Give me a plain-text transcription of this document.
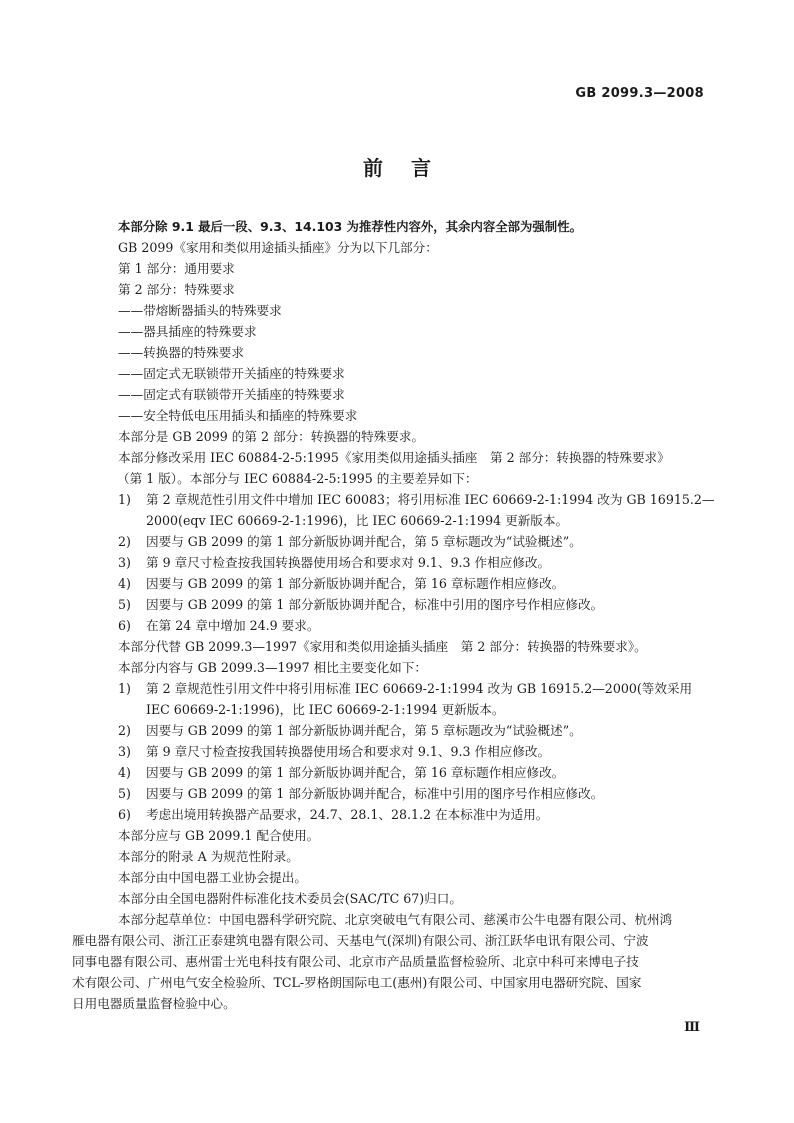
GB 2099.3—2008
前言
本部分除 9.1 最后一段、9.3、14.103 为推荐性内容外，其余内容全部为强制性。
GB 2099《家用和类似用途插头插座》分为以下几部分：
第 1 部分：通用要求
第 2 部分：特殊要求
——带熔断器插头的特殊要求
——器具插座的特殊要求
——转换器的特殊要求
——固定式无联锁带开关插座的特殊要求
——固定式有联锁带开关插座的特殊要求
——安全特低电压用插头和插座的特殊要求
本部分是 GB 2099 的第 2 部分：转换器的特殊要求。
本部分修改采用 IEC 60884-2-5:1995《家用类似用途插头插座　第 2 部分：转换器的特殊要求》
（第 1 版）。本部分与 IEC 60884-2-5:1995 的主要差异如下：
1) 第 2 章规范性引用文件中增加 IEC 60083；将引用标准 IEC 60669-2-1:1994 改为 GB 16915.2—
2000(eqv IEC 60669-2-1:1996)，比 IEC 60669-2-1:1994 更新版本。
2) 因要与 GB 2099 的第 1 部分新版协调并配合，第 5 章标题改为“试验概述”。
3) 第 9 章尺寸检查按我国转换器使用场合和要求对 9.1、9.3 作相应修改。
4) 因要与 GB 2099 的第 1 部分新版协调并配合，第 16 章标题作相应修改。
5) 因要与 GB 2099 的第 1 部分新版协调并配合，标准中引用的图序号作相应修改。
6) 在第 24 章中增加 24.9 要求。
本部分代替 GB 2099.3—1997《家用和类似用途插头插座　第 2 部分：转换器的特殊要求》。
本部分内容与 GB 2099.3—1997 相比主要变化如下：
1) 第 2 章规范性引用文件中将引用标准 IEC 60669-2-1:1994 改为 GB 16915.2—2000(等效采用
IEC 60669-2-1:1996)，比 IEC 60669-2-1:1994 更新版本。
2) 因要与 GB 2099 的第 1 部分新版协调并配合，第 5 章标题改为“试验概述”。
3) 第 9 章尺寸检查按我国转换器使用场合和要求对 9.1、9.3 作相应修改。
4) 因要与 GB 2099 的第 1 部分新版协调并配合，第 16 章标题作相应修改。
5) 因要与 GB 2099 的第 1 部分新版协调并配合，标准中引用的图序号作相应修改。
6) 考虑出境用转换器产品要求，24.7、28.1、28.1.2 在本标准中为适用。
本部分应与 GB 2099.1 配合使用。
本部分的附录 A 为规范性附录。
本部分由中国电器工业协会提出。
本部分由全国电器附件标准化技术委员会(SAC/TC 67)归口。
本部分起草单位：中国电器科学研究院、北京突破电气有限公司、慈溪市公牛电器有限公司、杭州鸿
雁电器有限公司、浙江正泰建筑电器有限公司、天基电气(深圳)有限公司、浙江跃华电讯有限公司、宁波
同事电器有限公司、惠州雷士光电科技有限公司、北京市产品质量监督检验所、北京中科可来博电子技
术有限公司、广州电气安全检验所、TCL-罗格朗国际电工(惠州)有限公司、中国家用电器研究院、国家
日用电器质量监督检验中心。
Ⅲ
